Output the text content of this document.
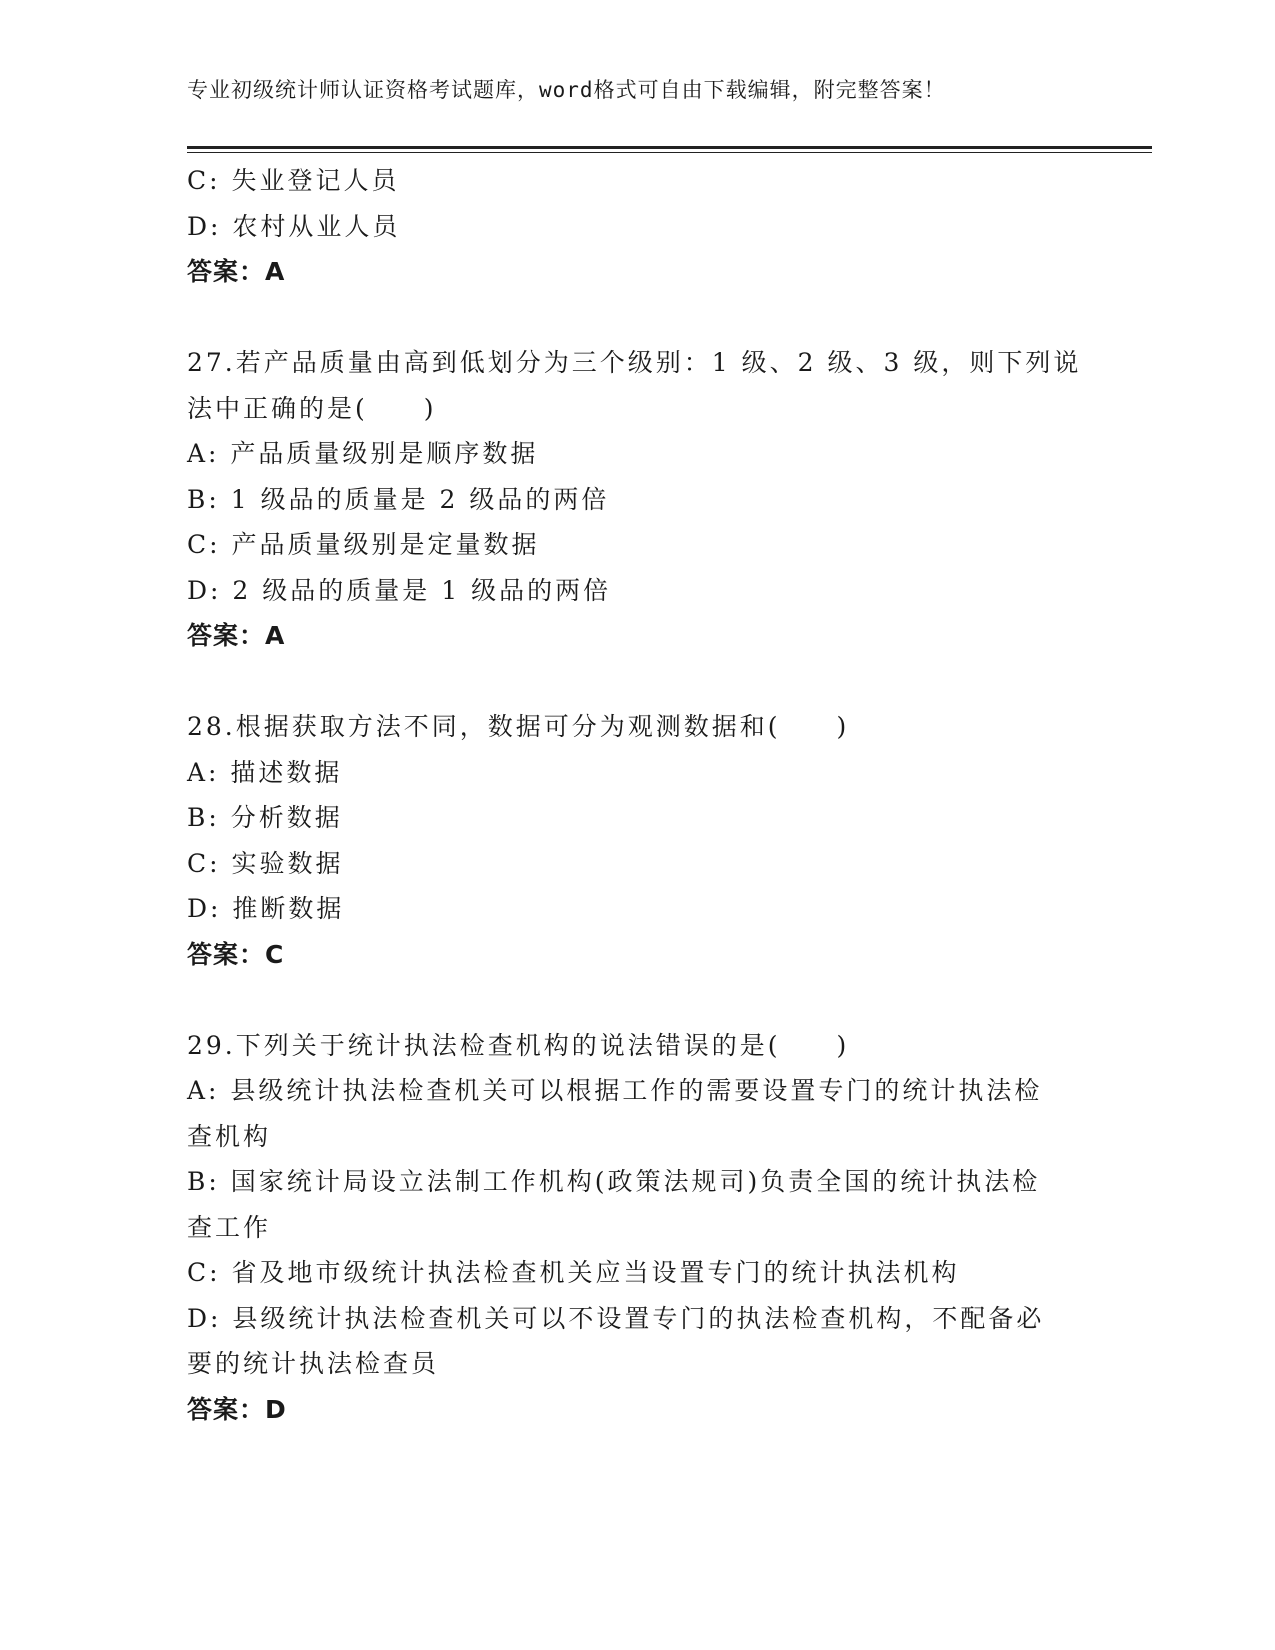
专业初级统计师认证资格考试题库，word格式可自由下载编辑，附完整答案！
C: 失业登记人员
D: 农村从业人员
答案：A
27.若产品质量由高到低划分为三个级别：1 级、2 级、3 级，则下列说
法中正确的是(　　)
A: 产品质量级别是顺序数据
B: 1 级品的质量是 2 级品的两倍
C: 产品质量级别是定量数据
D: 2 级品的质量是 1 级品的两倍
答案：A
28.根据获取方法不同，数据可分为观测数据和(　　)
A: 描述数据
B: 分析数据
C: 实验数据
D: 推断数据
答案：C
29.下列关于统计执法检查机构的说法错误的是(　　)
A: 县级统计执法检查机关可以根据工作的需要设置专门的统计执法检
查机构
B: 国家统计局设立法制工作机构(政策法规司)负责全国的统计执法检
查工作
C: 省及地市级统计执法检查机关应当设置专门的统计执法机构
D: 县级统计执法检查机关可以不设置专门的执法检查机构，不配备必
要的统计执法检查员
答案：D
